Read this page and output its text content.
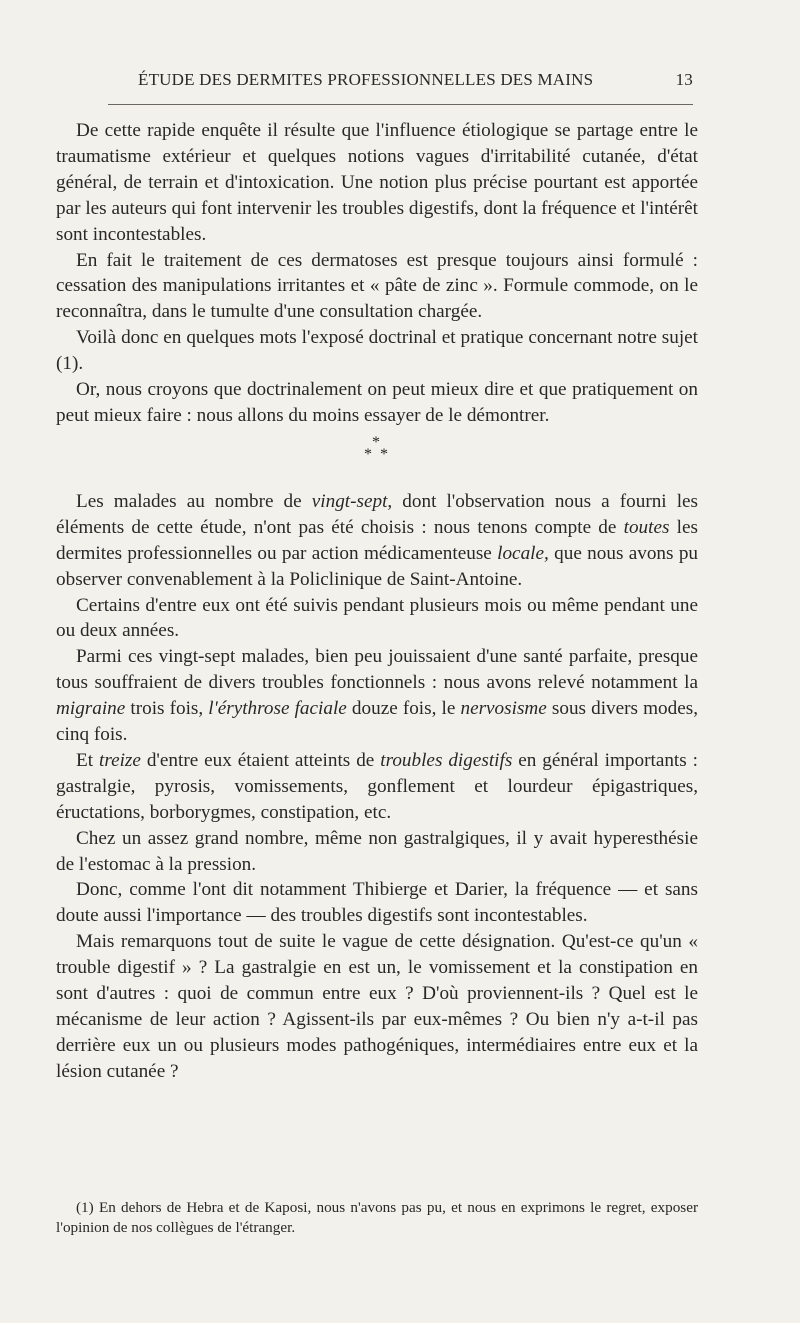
ÉTUDE DES DERMITES PROFESSIONNELLES DES MAINS	13

De cette rapide enquête il résulte que l'influence étiologique se partage entre le traumatisme extérieur et quelques notions vagues d'irritabilité cutanée, d'état général, de terrain et d'intoxication. Une notion plus précise pourtant est apportée par les auteurs qui font intervenir les troubles digestifs, dont la fréquence et l'intérêt sont incontestables.

En fait le traitement de ces dermatoses est presque toujours ainsi formulé : cessation des manipulations irritantes et « pâte de zinc ». Formule commode, on le reconnaîtra, dans le tumulte d'une consultation chargée.

Voilà donc en quelques mots l'exposé doctrinal et pratique concernant notre sujet (1).

Or, nous croyons que doctrinalement on peut mieux dire et que pratiquement on peut mieux faire : nous allons du moins essayer de le démontrer.

*
* *

Les malades au nombre de vingt-sept, dont l'observation nous a fourni les éléments de cette étude, n'ont pas été choisis : nous tenons compte de toutes les dermites professionnelles ou par action médicamenteuse locale, que nous avons pu observer convenablement à la Policlinique de Saint-Antoine.

Certains d'entre eux ont été suivis pendant plusieurs mois ou même pendant une ou deux années.

Parmi ces vingt-sept malades, bien peu jouissaient d'une santé parfaite, presque tous souffraient de divers troubles fonctionnels : nous avons relevé notamment la migraine trois fois, l'érythrose faciale douze fois, le nervosisme sous divers modes, cinq fois.

Et treize d'entre eux étaient atteints de troubles digestifs en général importants : gastralgie, pyrosis, vomissements, gonflement et lourdeur épigastriques, éructations, borborygmes, constipation, etc.

Chez un assez grand nombre, même non gastralgiques, il y avait hyperesthésie de l'estomac à la pression.

Donc, comme l'ont dit notamment Thibierge et Darier, la fréquence — et sans doute aussi l'importance — des troubles digestifs sont incontestables.

Mais remarquons tout de suite le vague de cette désignation. Qu'est-ce qu'un « trouble digestif » ? La gastralgie en est un, le vomissement et la constipation en sont d'autres : quoi de commun entre eux ? D'où proviennent-ils ? Quel est le mécanisme de leur action ? Agissent-ils par eux-mêmes ? Ou bien n'y a-t-il pas derrière eux un ou plusieurs modes pathogéniques, intermédiaires entre eux et la lésion cutanée ?

(1) En dehors de Hebra et de Kaposi, nous n'avons pas pu, et nous en exprimons le regret, exposer l'opinion de nos collègues de l'étranger.
